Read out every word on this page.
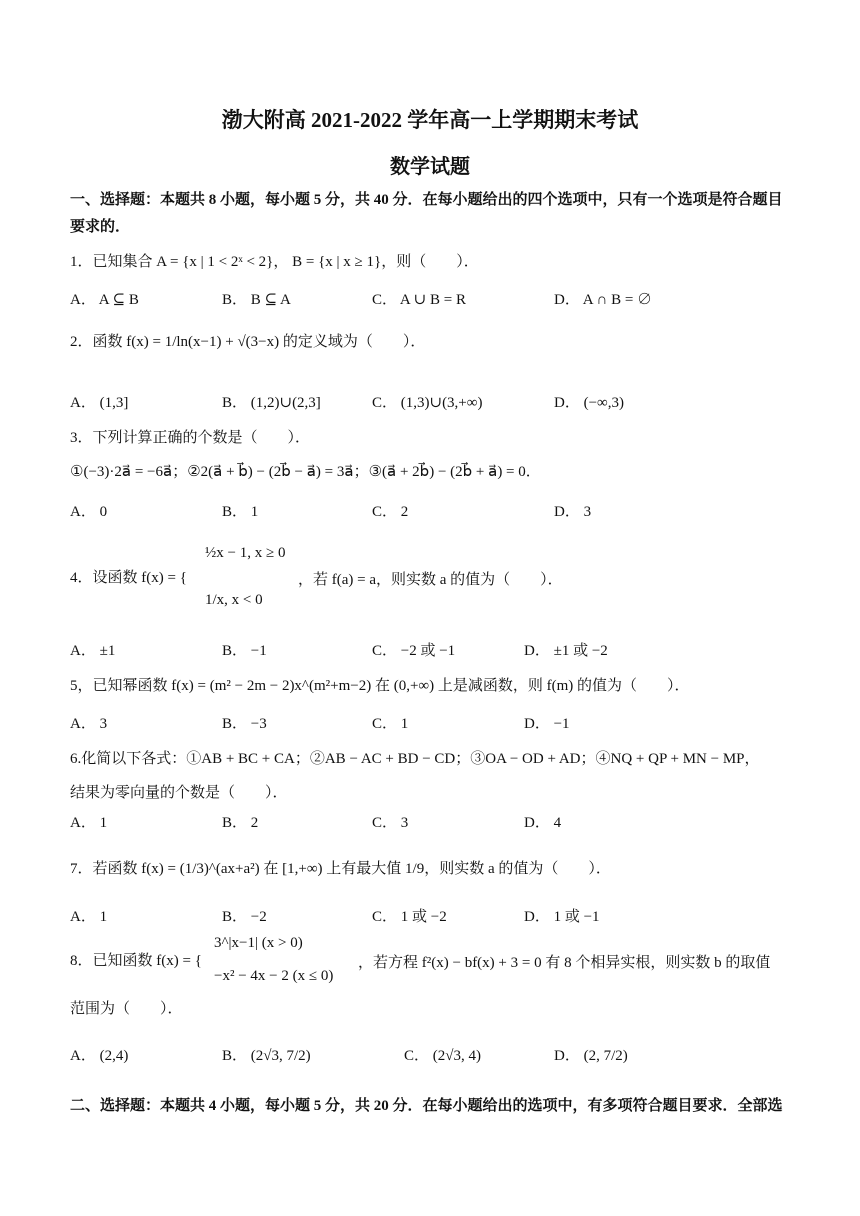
渤大附高 2021-2022 学年高一上学期期末考试
数学试题
一、选择题：本题共 8 小题，每小题 5 分，共 40 分．在每小题给出的四个选项中，只有一个选项是符合题目
要求的．
1．已知集合 A = {x | 1 < 2ˣ < 2}， B = {x | x ≥ 1}，则（　　）．
A． A ⊆ B	B． B ⊆ A	C． A ∪ B = R	D． A ∩ B = ∅
2．函数 f(x) = 1/ln(x−1) + √(3−x) 的定义域为（　　）．
A． (1,3]	B． (1,2)∪(2,3]	C． (1,3)∪(3,+∞)	D． (−∞,3)
3．下列计算正确的个数是（　　）．
①(−3)·2a⃗ = −6a⃗；②2(a⃗ + b⃗) − (2b⃗ − a⃗) = 3a⃗；③(a⃗ + 2b⃗) − (2b⃗ + a⃗) = 0．
A． 0	B． 1	C． 2	D． 3
4．设函数 f(x) = {
½x − 1, x ≥ 0
1/x, x < 0
，若 f(a) = a，则实数 a 的值为（　　）．
A． ±1	B． −1	C． −2 或 −1	D． ±1 或 −2
5，已知幂函数 f(x) = (m² − 2m − 2)x^(m²+m−2) 在 (0,+∞) 上是减函数，则 f(m) 的值为（　　）．
A． 3	B． −3	C． 1	D． −1
6.化简以下各式：①AB + BC + CA；②AB − AC + BD − CD；③OA − OD + AD；④NQ + QP + MN − MP，
结果为零向量的个数是（　　）．
A． 1	B． 2	C． 3	D． 4
7．若函数 f(x) = (1/3)^(ax+a²) 在 [1,+∞) 上有最大值 1/9，则实数 a 的值为（　　）．
A． 1	B． −2	C． 1 或 −2	D． 1 或 −1
8．已知函数 f(x) = {
3^|x−1| (x > 0)
−x² − 4x − 2 (x ≤ 0)
，若方程 f²(x) − bf(x) + 3 = 0 有 8 个相异实根，则实数 b 的取值
范围为（　　）．
A． (2,4)	B． (2√3, 7/2)	C． (2√3, 4)	D． (2, 7/2)
二、选择题：本题共 4 小题，每小题 5 分，共 20 分．在每小题给出的选项中，有多项符合题目要求．全部选
